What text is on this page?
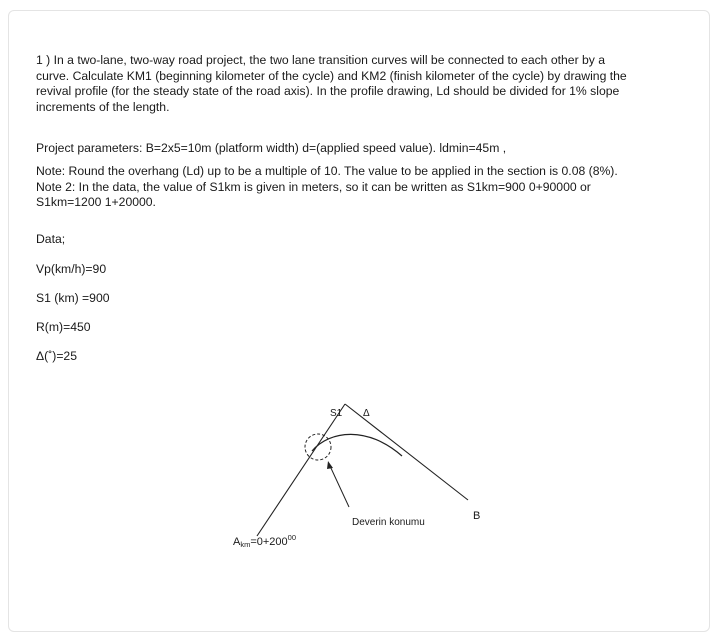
1 ) In a two-lane, two-way road project, the two lane transition curves will be connected to each other by a
curve. Calculate KM1 (beginning kilometer of the cycle) and KM2 (finish kilometer of the cycle) by drawing the
revival profile (for the steady state of the road axis). In the profile drawing, Ld should be divided for 1% slope
increments of the length.
Project parameters: B=2x5=10m (platform width) d=(applied speed value). ldmin=45m ,
Note: Round the overhang (Ld) up to be a multiple of 10. The value to be applied in the section is 0.08 (8%).
Note 2: In the data, the value of S1km is given in meters, so it can be written as S1km=900 0+90000 or
S1km=1200 1+20000.
Data;
Vp(km/h)=90
S1 (km) =900
R(m)=450
Δ(˚)=25
S1 Δ
B
Deverin konumu
$Akm=0+200^{00}$
